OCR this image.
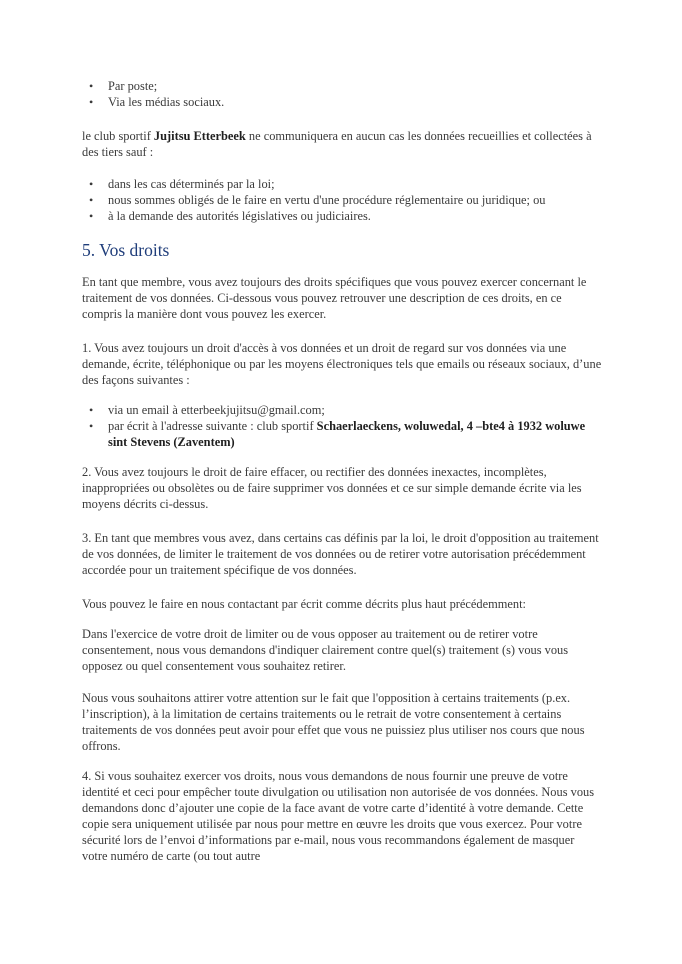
• Par poste;
• Via les médias sociaux.

le club sportif Jujitsu Etterbeek ne communiquera en aucun cas les données recueillies et collectées à des tiers sauf :

• dans les cas déterminés par la loi;
• nous sommes obligés de le faire en vertu d'une procédure réglementaire ou juridique; ou
• à la demande des autorités législatives ou judiciaires.

5. Vos droits

En tant que membre, vous avez toujours des droits spécifiques que vous pouvez exercer concernant le traitement de vos données. Ci-dessous vous pouvez retrouver une description de ces droits, en ce compris la manière dont vous pouvez les exercer.

1. Vous avez toujours un droit d'accès à vos données et un droit de regard sur vos données via une demande, écrite, téléphonique ou par les moyens électroniques tels que emails ou réseaux sociaux, d’une des façons suivantes :

• via un email à etterbeekjujitsu@gmail.com;
• par écrit à l'adresse suivante : club sportif Schaerlaeckens, woluwedal, 4 –bte4 à 1932 woluwe sint Stevens (Zaventem)

2. Vous avez toujours le droit de faire effacer, ou rectifier des données inexactes, incomplètes, inappropriées ou obsolètes ou de faire supprimer vos données et ce sur simple demande écrite via les moyens décrits ci-dessus.

3. En tant que membres vous avez, dans certains cas définis par la loi, le droit d'opposition au traitement de vos données, de limiter le traitement de vos données ou de retirer votre autorisation précédemment accordée pour un traitement spécifique de vos données.

Vous pouvez le faire en nous contactant par écrit comme décrits plus haut précédemment:

Dans l'exercice de votre droit de limiter ou de vous opposer au traitement ou de retirer votre consentement, nous vous demandons d'indiquer clairement contre quel(s) traitement (s) vous vous opposez ou quel consentement vous souhaitez retirer.

Nous vous souhaitons attirer votre attention sur le fait que l'opposition à certains traitements (p.ex. l’inscription), à la limitation de certains traitements ou le retrait de votre consentement à certains traitements de vos données peut avoir pour effet que vous ne puissiez plus utiliser nos cours que nous offrons.

4. Si vous souhaitez exercer vos droits, nous vous demandons de nous fournir une preuve de votre identité et ceci pour empêcher toute divulgation ou utilisation non autorisée de vos données. Nous vous demandons donc d’ajouter une copie de la face avant de votre carte d’identité à votre demande. Cette copie sera uniquement utilisée par nous pour mettre en œuvre les droits que vous exercez. Pour votre sécurité lors de l’envoi d’informations par e-mail, nous vous recommandons également de masquer votre numéro de carte (ou tout autre
